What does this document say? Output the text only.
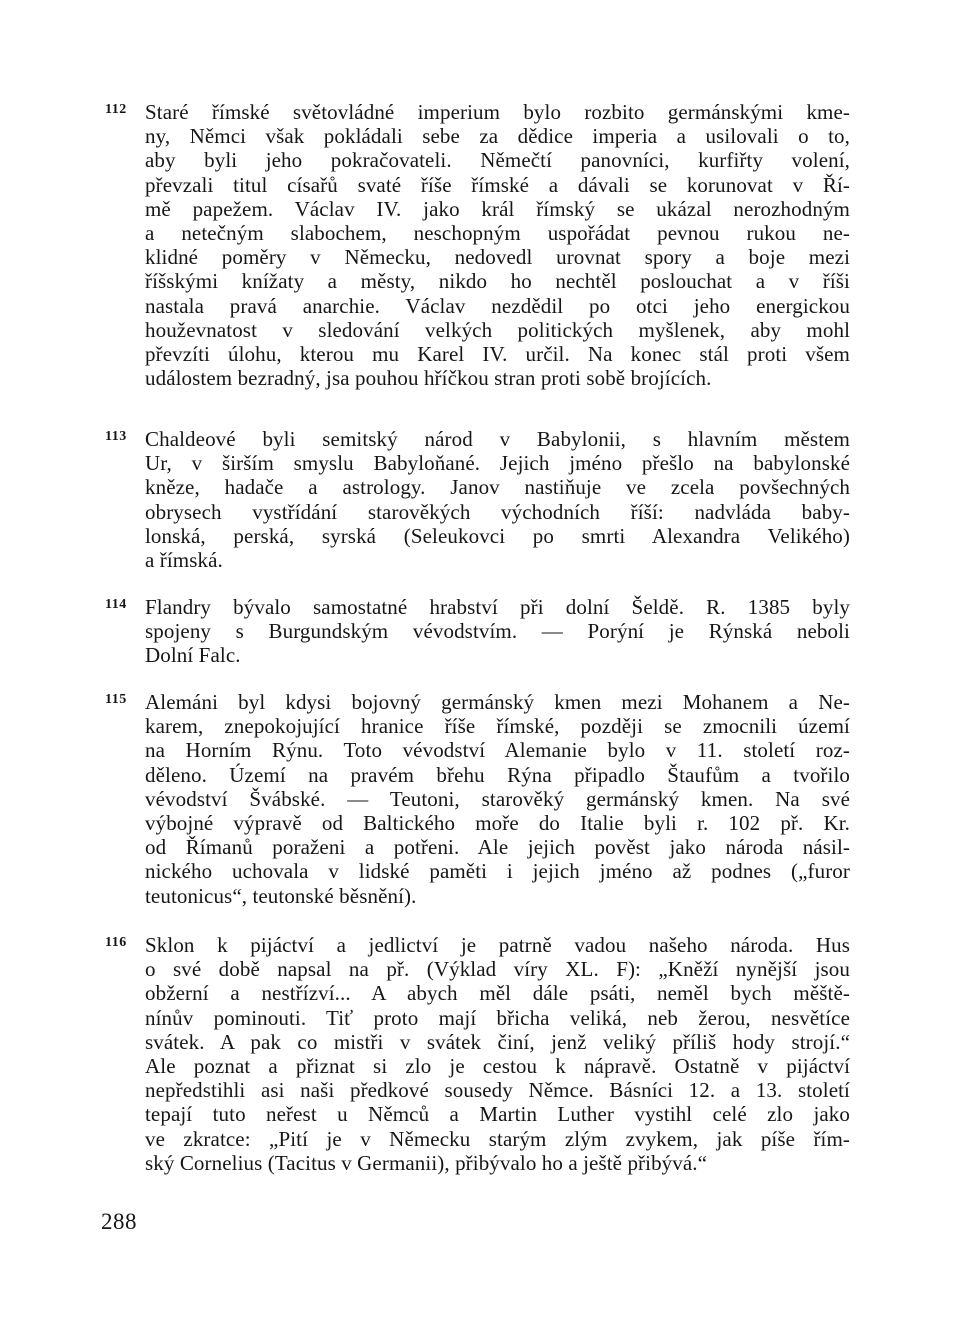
112 Staré římské světovládné imperium bylo rozbito germánskými kme-
ny, Němci však pokládali sebe za dědice imperia a usilovali o to,
aby byli jeho pokračovateli. Němečtí panovníci, kurfiřty volení,
převzali titul císařů svaté říše římské a dávali se korunovat v Ří-
mě papežem. Václav IV. jako král římský se ukázal nerozhodným
a netečným slabochem, neschopným uspořádat pevnou rukou ne-
klidné poměry v Německu, nedovedl urovnat spory a boje mezi
říšskými knížaty a městy, nikdo ho nechtěl poslouchat a v říši
nastala pravá anarchie. Václav nezdědil po otci jeho energickou
houževnatost v sledování velkých politických myšlenek, aby mohl
převzíti úlohu, kterou mu Karel IV. určil. Na konec stál proti všem
událostem bezradný, jsa pouhou hříčkou stran proti sobě brojících.
113 Chaldeové byli semitský národ v Babylonii, s hlavním městem
Ur, v širším smyslu Babyloňané. Jejich jméno přešlo na babylonské
kněze, hadače a astrology. Janov nastiňuje ve zcela povšechných
obrysech vystřídání starověkých východních říší: nadvláda baby-
lonská, perská, syrská (Seleukovci po smrti Alexandra Velikého)
a římská.
114 Flandry bývalo samostatné hrabství při dolní Šeldě. R. 1385 byly
spojeny s Burgundským vévodstvím. — Porýní je Rýnská neboli
Dolní Falc.
115 Alemáni byl kdysi bojovný germánský kmen mezi Mohanem a Ne-
karem, znepokojující hranice říše římské, později se zmocnili území
na Horním Rýnu. Toto vévodství Alemanie bylo v 11. století roz-
děleno. Území na pravém břehu Rýna připadlo Štaufům a tvořilo
vévodství Švábské. — Teutoni, starověký germánský kmen. Na své
výbojné výpravě od Baltického moře do Italie byli r. 102 př. Kr.
od Římanů poraženi a potřeni. Ale jejich pověst jako národa násil-
nického uchovala v lidské paměti i jejich jméno až podnes („furor
teutonicus“, teutonské běsnění).
116 Sklon k pijáctví a jedlictví je patrně vadou našeho národa. Hus
o své době napsal na př. (Výklad víry XL. F): „Kněží nynější jsou
obžerní a nestřízví... A abych měl dále psáti, neměl bych měště-
nínův pominouti. Tiť proto mají břicha veliká, neb žerou, nesvětíce
svátek. A pak co mistři v svátek činí, jenž veliký příliš hody strojí.“
Ale poznat a přiznat si zlo je cestou k nápravě. Ostatně v pijáctví
nepředstihli asi naši předkové sousedy Němce. Básníci 12. a 13. století
tepají tuto neřest u Němců a Martin Luther vystihl celé zlo jako
ve zkratce: „Pití je v Německu starým zlým zvykem, jak píše řím-
ský Cornelius (Tacitus v Germanii), přibývalo ho a ještě přibývá.“
288
